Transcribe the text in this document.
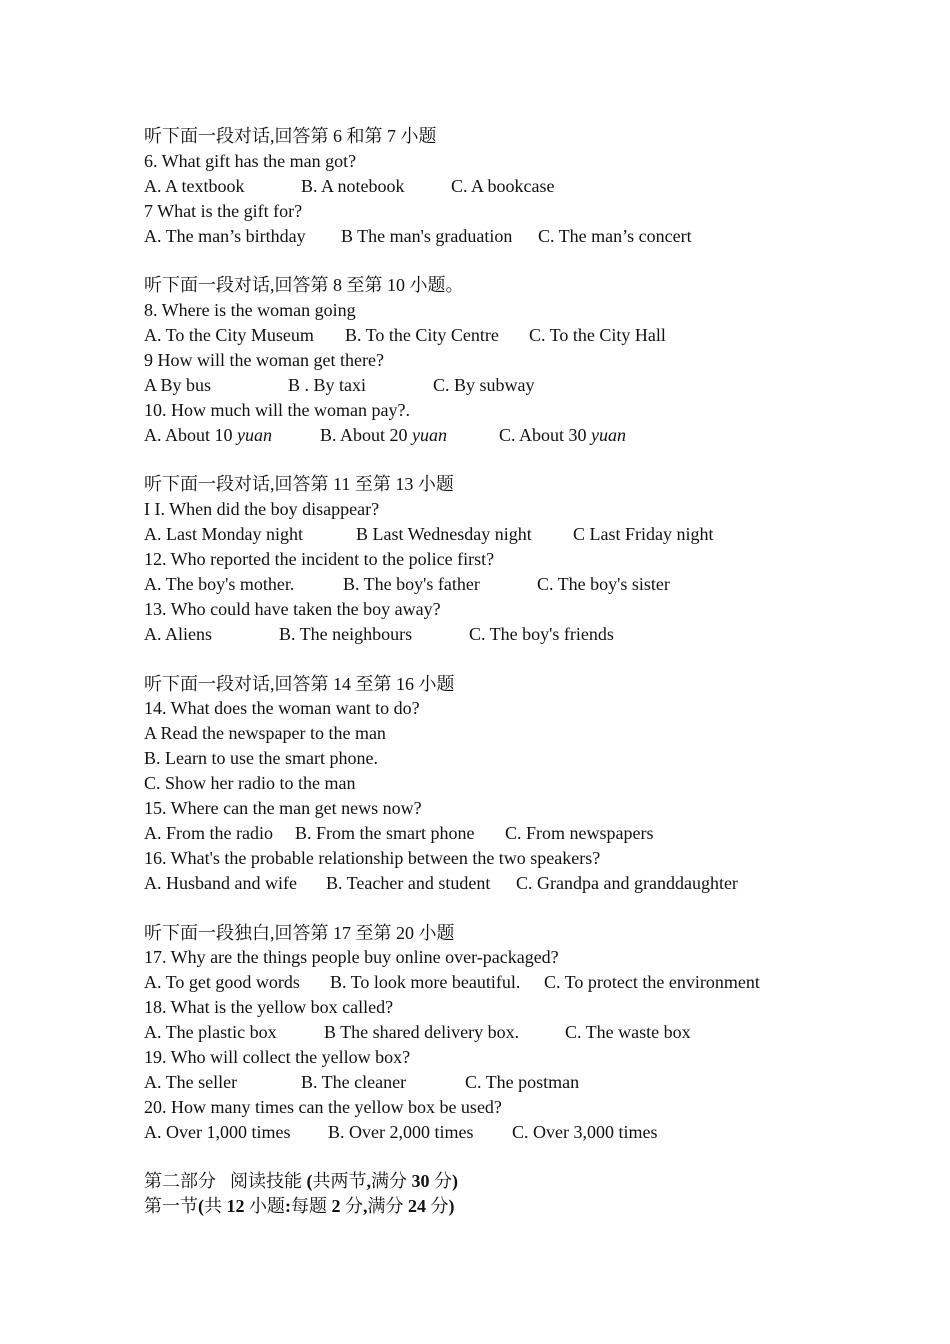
听下面一段对话,回答第 6 和第 7 小题
6. What gift has the man got?
A. A textbook	B. A notebook	C. A bookcase
7 What is the gift for?
A. The man’s birthday B The man's graduation C. The man’s concert
听下面一段对话,回答第 8 至第 10 小题。
8. Where is the woman going
A. To the City Museum B. To the City Centre C. To the City Hall
9 How will the woman get there?
A By bus	B . By taxi	C. By subway
10. How much will the woman pay?.
A. About 10 yuan	B. About 20 yuan	C. About 30 yuan
听下面一段对话,回答第 11 至第 13 小题
I I. When did the boy disappear?
A. Last Monday night	B Last Wednesday night C Last Friday night
12. Who reported the incident to the police first?
A. The boy's mother.	B. The boy's father	C. The boy's sister
13. Who could have taken the boy away?
A. Aliens	B. The neighbours	C. The boy's friends
听下面一段对话,回答第 14 至第 16 小题
14. What does the woman want to do?
A Read the newspaper to the man
B. Learn to use the smart phone.
C. Show her radio to the man
15. Where can the man get news now?
A. From the radio B. From the smart phone C. From newspapers
16. What's the probable relationship between the two speakers?
A. Husband and wife B. Teacher and student C. Grandpa and granddaughter
听下面一段独白,回答第 17 至第 20 小题
17. Why are the things people buy online over-packaged?
A. To get good words B. To look more beautiful. C. To protect the environment
18. What is the yellow box called?
A. The plastic box	B The shared delivery box.	C. The waste box
19. Who will collect the yellow box?
A. The seller	B. The cleaner	C. The postman
20. How many times can the yellow box be used?
A. Over 1,000 times B. Over 2,000 times C. Over 3,000 times
第二部分 阅读技能 (共两节,满分 30 分)
第一节(共 12 小题:每题 2 分,满分 24 分)
